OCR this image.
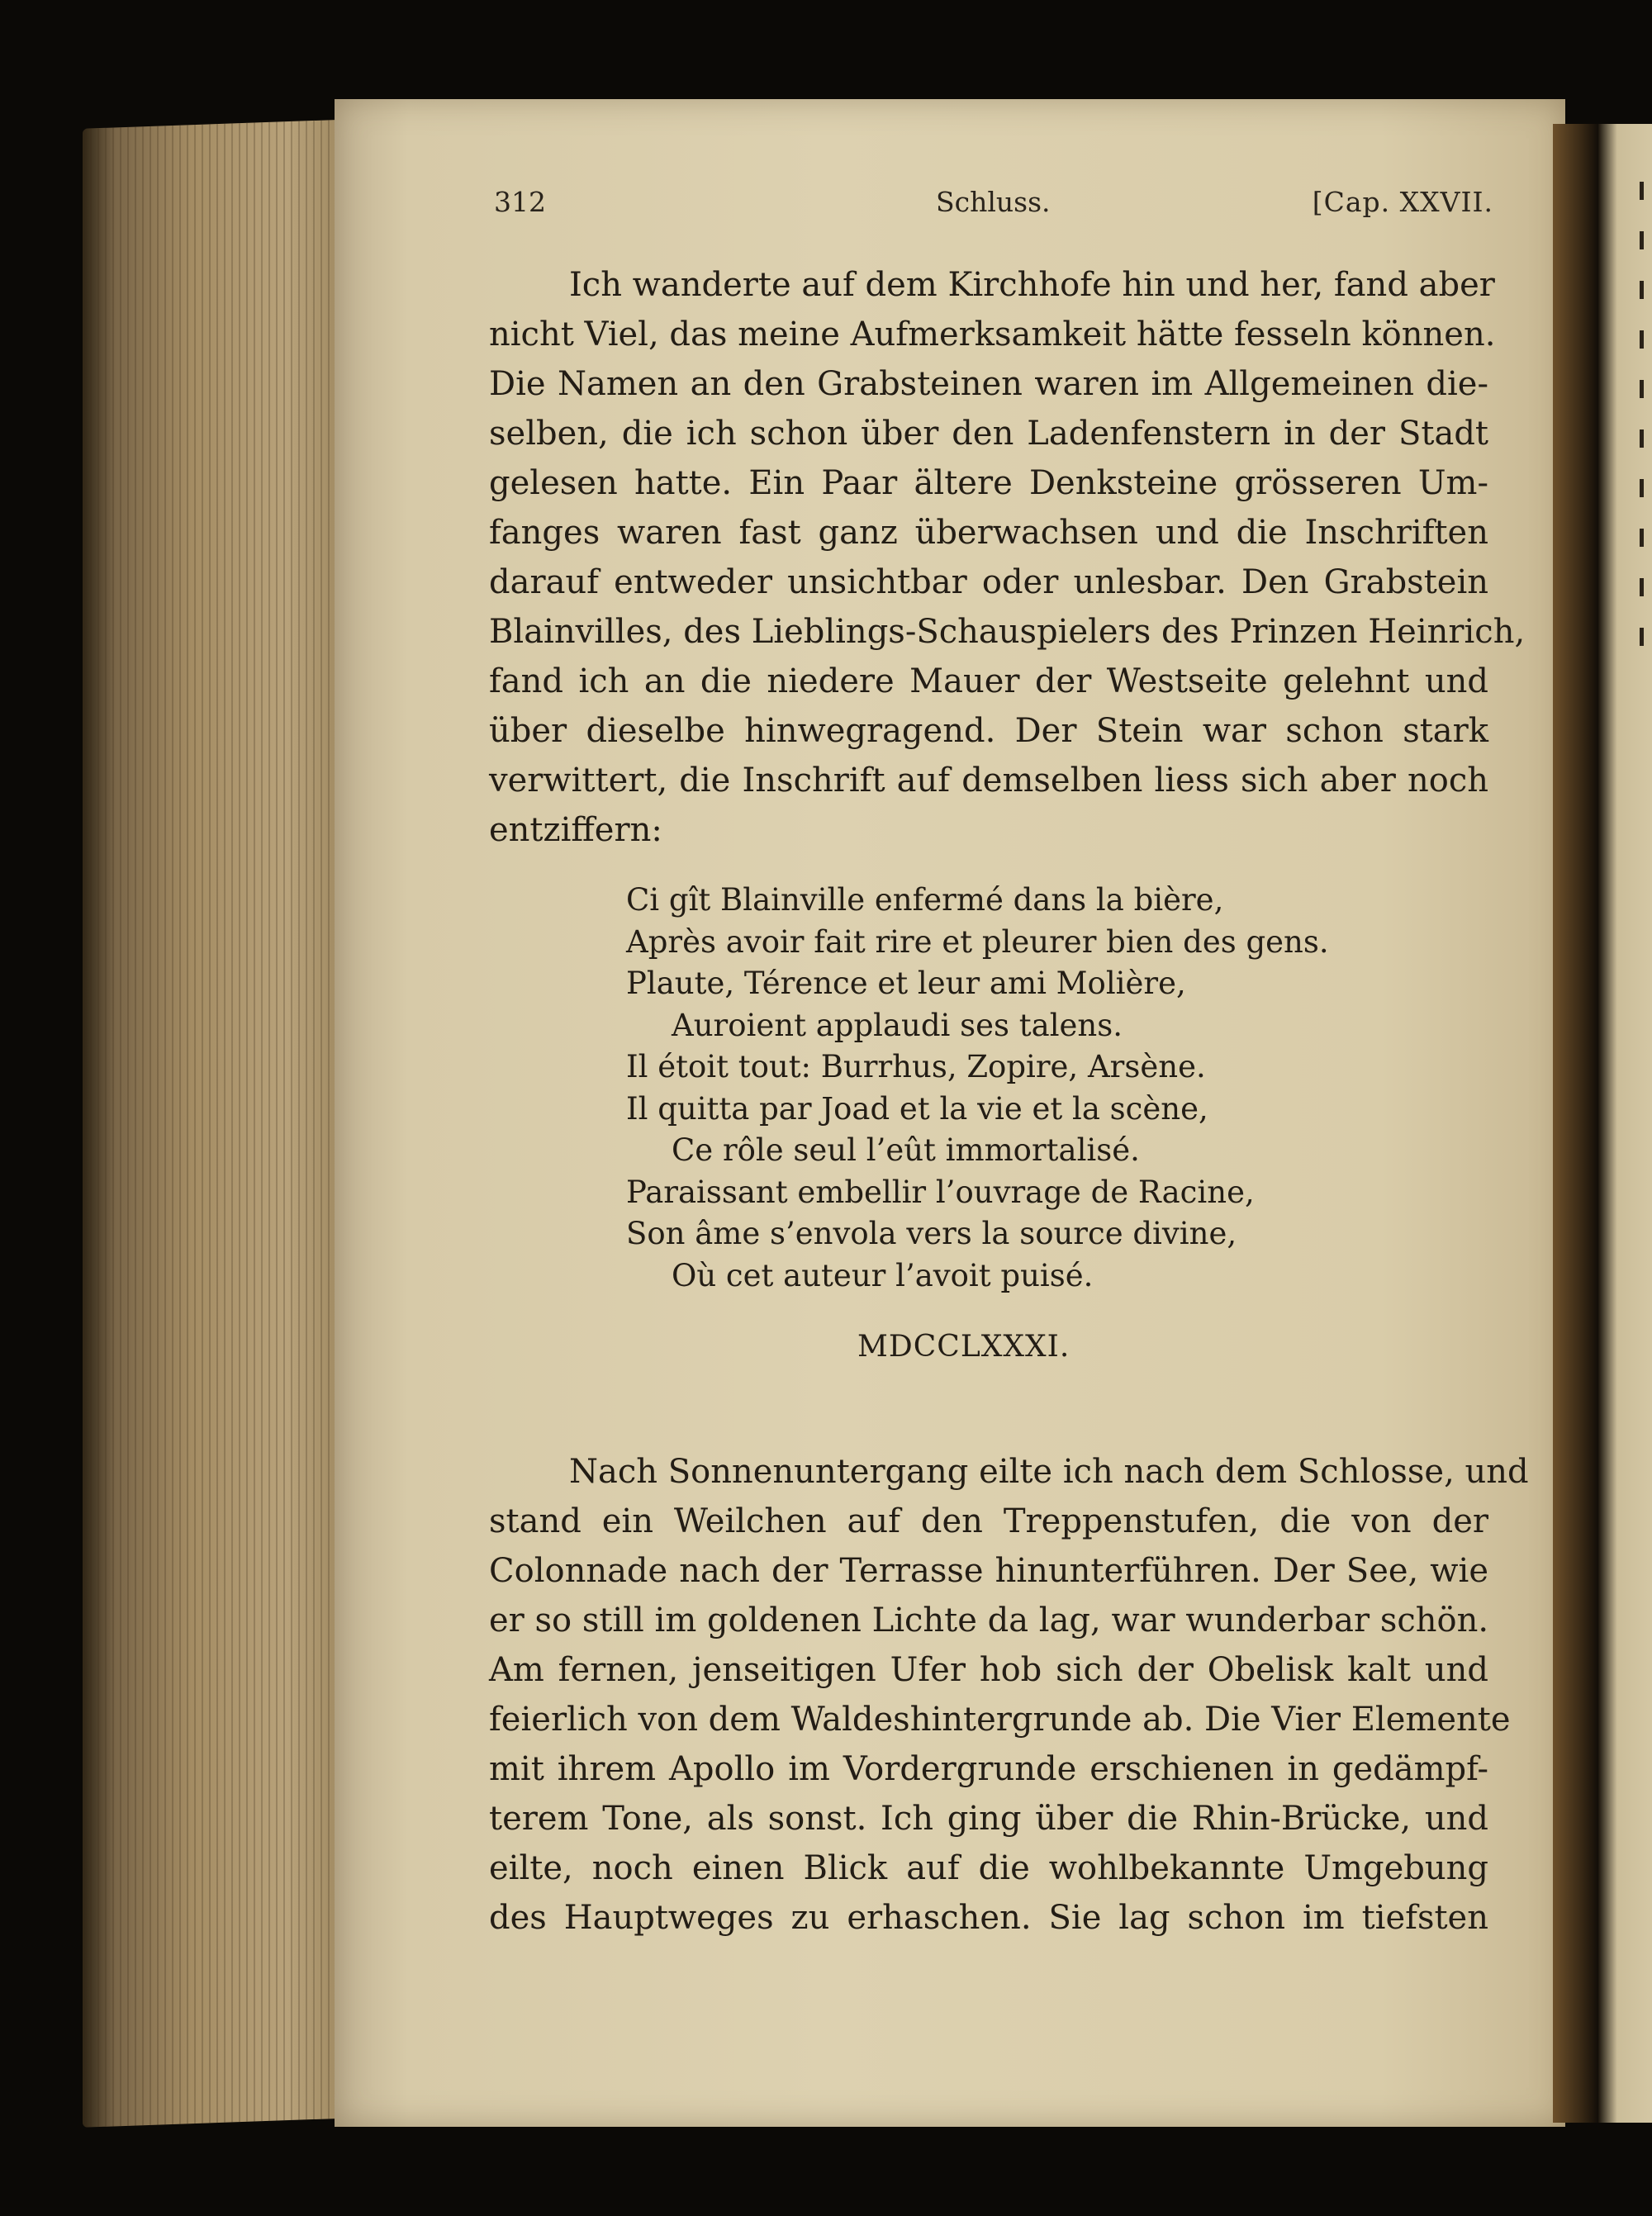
312	Schluss.	[Cap. XXVII.
Ich wanderte auf dem Kirchhofe hin und her, fand aber
nicht Viel, das meine Aufmerksamkeit hätte fesseln können.
Die Namen an den Grabsteinen waren im Allgemeinen die-
selben, die ich schon über den Ladenfenstern in der Stadt
gelesen hatte. Ein Paar ältere Denksteine grösseren Um-
fanges waren fast ganz überwachsen und die Inschriften
darauf entweder unsichtbar oder unlesbar. Den Grabstein
Blainvilles, des Lieblings-Schauspielers des Prinzen Heinrich,
fand ich an die niedere Mauer der Westseite gelehnt und
über dieselbe hinwegragend. Der Stein war schon stark
verwittert, die Inschrift auf demselben liess sich aber noch
entziffern:
Ci gît Blainville enfermé dans la bière,
Après avoir fait rire et pleurer bien des gens.
Plaute, Térence et leur ami Molière,
Auroient applaudi ses talens.
Il étoit tout: Burrhus, Zopire, Arsène.
Il quitta par Joad et la vie et la scène,
Ce rôle seul l’eût immortalisé.
Paraissant embellir l’ouvrage de Racine,
Son âme s’envola vers la source divine,
Où cet auteur l’avoit puisé.
MDCCLXXXI.
Nach Sonnenuntergang eilte ich nach dem Schlosse, und
stand ein Weilchen auf den Treppenstufen, die von der
Colonnade nach der Terrasse hinunterführen. Der See, wie
er so still im goldenen Lichte da lag, war wunderbar schön.
Am fernen, jenseitigen Ufer hob sich der Obelisk kalt und
feierlich von dem Waldeshintergrunde ab. Die Vier Elemente
mit ihrem Apollo im Vordergrunde erschienen in gedämpf-
terem Tone, als sonst. Ich ging über die Rhin-Brücke, und
eilte, noch einen Blick auf die wohlbekannte Umgebung
des Hauptweges zu erhaschen. Sie lag schon im tiefsten
